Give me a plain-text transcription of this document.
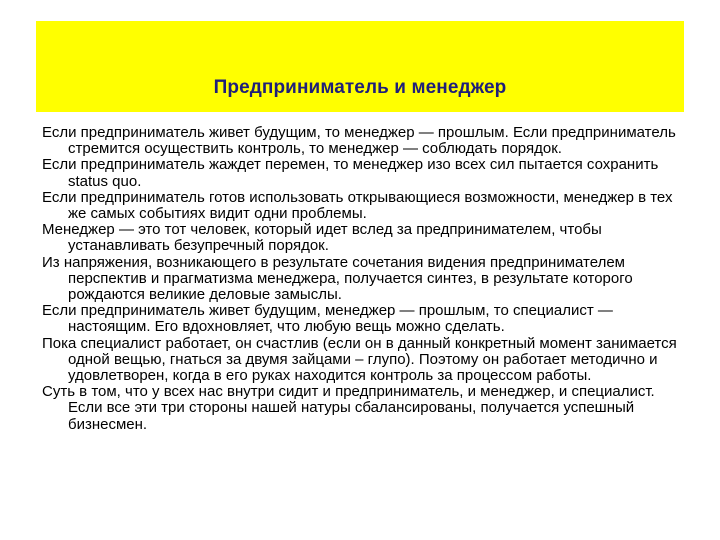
Предприниматель и менеджер
Если предприниматель живет будущим, то менеджер — прошлым. Если предприниматель стремится осуществить контроль, то менеджер — соблюдать порядок.
Если предприниматель жаждет перемен, то менеджер изо всех сил пытается сохранить status quo.
Если предприниматель готов использовать открывающиеся возможности, менеджер в тех же самых событиях видит одни проблемы.
Менеджер — это тот человек, который идет вслед за предпринимателем, чтобы устанавливать безупречный порядок.
Из напряжения, возникающего в результате сочетания видения предпринимателем перспектив и прагматизма менеджера, получается синтез, в результате которого рождаются великие деловые замыслы.
Если предприниматель живет будущим, менеджер — прошлым, то специалист — настоящим. Его вдохновляет, что любую вещь можно сделать.
Пока специалист работает, он счастлив (если он в данный конкретный момент занимается одной вещью, гнаться за двумя зайцами – глупо). Поэтому он работает методично и удовлетворен, когда в его руках находится контроль за процессом работы.
Суть в том, что у всех нас внутри сидит и предприниматель, и менеджер, и специалист. Если все эти три стороны нашей натуры сбалансированы, получается успешный бизнесмен.
